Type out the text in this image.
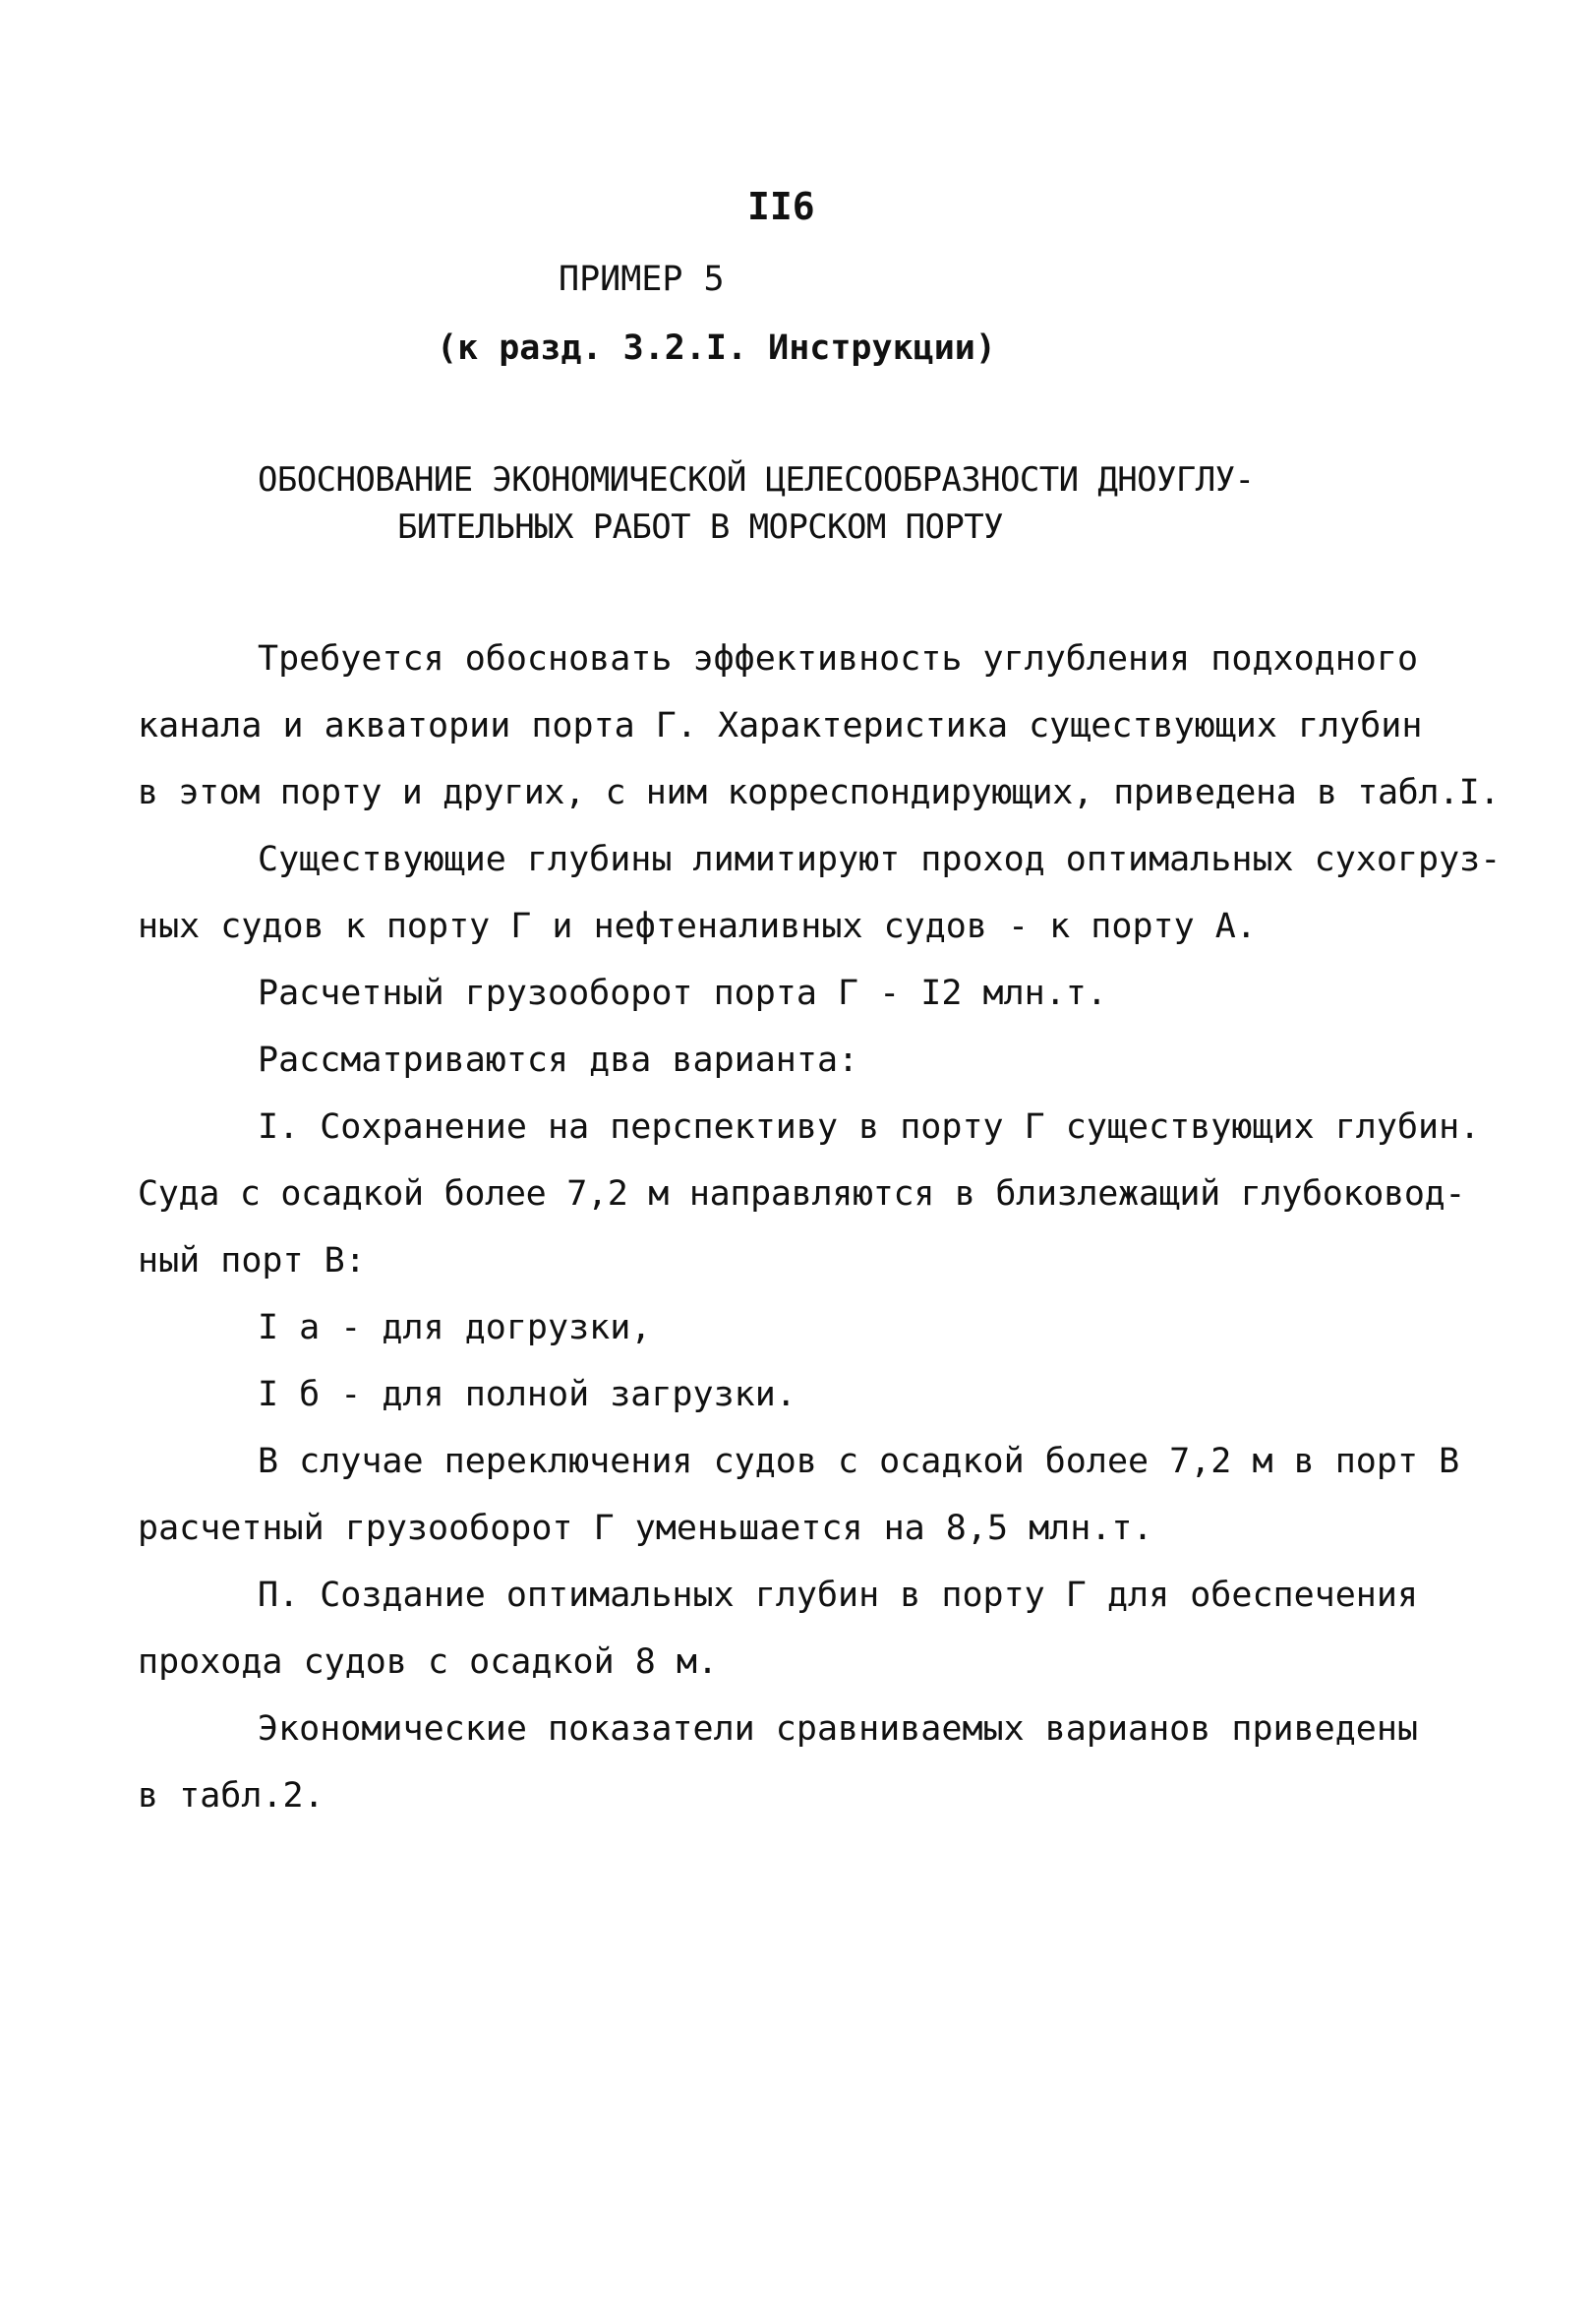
II6
ПРИМЕР 5
(к разд. 3.2.I. Инструкции)
ОБОСНОВАНИЕ ЭКОНОМИЧЕСКОЙ ЦЕЛЕСООБРАЗНОСТИ ДНОУГЛУ-
БИТЕЛЬНЫХ РАБОТ В МОРСКОМ ПОРТУ
Требуется обосновать эффективность углубления подходного
канала и акватории порта Г. Характеристика существующих глубин
в этом порту и других, с ним корреспондирующих, приведена в табл.I.
Существующие глубины лимитируют проход оптимальных сухогруз-
ных судов к порту Г и нефтеналивных судов - к порту А.
Расчетный грузооборот порта Г - I2 млн.т.
Рассматриваются два варианта:
I. Сохранение на перспективу в порту Г существующих глубин.
Суда с осадкой более 7,2 м направляются в близлежащий глубоковод-
ный порт В:
I а - для догрузки,
I б - для полной загрузки.
В случае переключения судов с осадкой более 7,2 м в порт В
расчетный грузооборот Г уменьшается на 8,5 млн.т.
П. Создание оптимальных глубин в порту Г для обеспечения
прохода судов с осадкой 8 м.
Экономические показатели сравниваемых варианов приведены
в табл.2.
